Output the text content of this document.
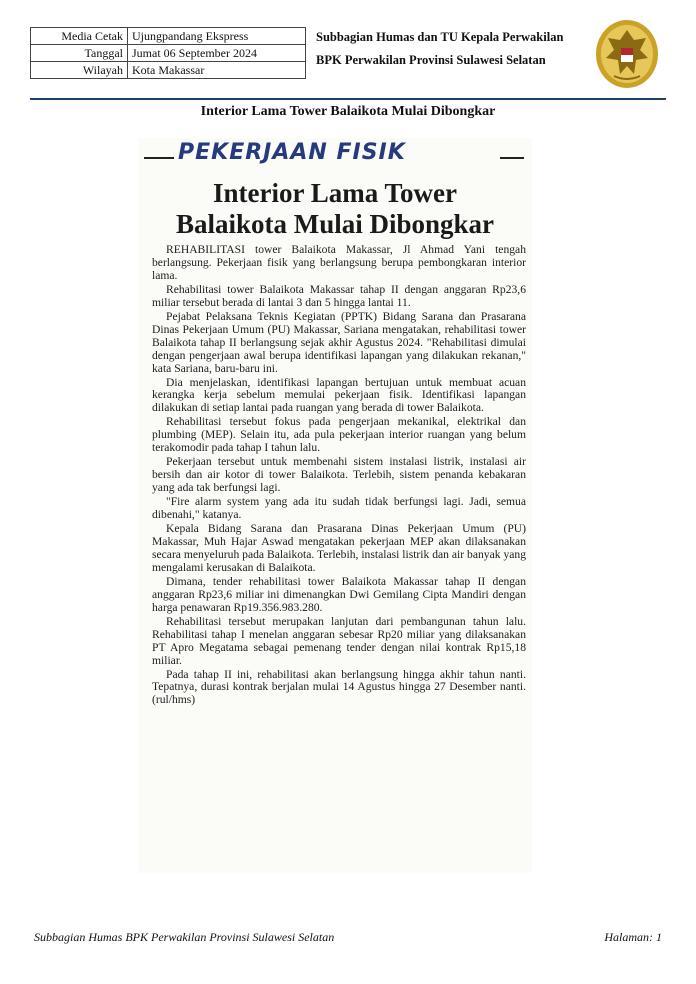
Media Cetak	Ujungpandang Ekspress
Tanggal	Jumat 06 September 2024
Wilayah	Kota Makassar
Subbagian Humas dan TU Kepala Perwakilan
BPK Perwakilan Provinsi Sulawesi Selatan
Interior Lama Tower Balaikota Mulai Dibongkar
PEKERJAAN FISIK
Interior Lama Tower
Balaikota Mulai Dibongkar

REHABILITASI tower Balaikota Makassar, Jl Ahmad Yani tengah berlangsung. Pekerjaan fisik yang berlangsung berupa pembongkaran interior lama.

Rehabilitasi tower Balaikota Makassar tahap II dengan anggaran Rp23,6 miliar tersebut berada di lantai 3 dan 5 hingga lantai 11.

Pejabat Pelaksana Teknis Kegiatan (PPTK) Bidang Sarana dan Prasarana Dinas Pekerjaan Umum (PU) Makassar, Sariana mengatakan, rehabilitasi tower Balaikota tahap II berlangsung sejak akhir Agustus 2024. "Rehabilitasi dimulai dengan pengerjaan awal berupa identifikasi lapangan yang dilakukan rekanan," kata Sariana, baru-baru ini.

Dia menjelaskan, identifikasi lapangan bertujuan untuk membuat acuan kerangka kerja sebelum memulai pekerjaan fisik. Identifikasi lapangan dilakukan di setiap lantai pada ruangan yang berada di tower Balaikota.

Rehabilitasi tersebut fokus pada pengerjaan mekanikal, elektrikal dan plumbing (MEP). Selain itu, ada pula pekerjaan interior ruangan yang belum terakomodir pada tahap I tahun lalu.

Pekerjaan tersebut untuk membenahi sistem instalasi listrik, instalasi air bersih dan air kotor di tower Balaikota. Terlebih, sistem penanda kebakaran yang ada tak berfungsi lagi.

"Fire alarm system yang ada itu sudah tidak berfungsi lagi. Jadi, semua dibenahi," katanya.

Kepala Bidang Sarana dan Prasarana Dinas Pekerjaan Umum (PU) Makassar, Muh Hajar Aswad mengatakan pekerjaan MEP akan dilaksanakan secara menyeluruh pada Balaikota. Terlebih, instalasi listrik dan air banyak yang mengalami kerusakan di Balaikota.

Dimana, tender rehabilitasi tower Balaikota Makassar tahap II dengan anggaran Rp23,6 miliar ini dimenangkan Dwi Gemilang Cipta Mandiri dengan harga penawaran Rp19.356.983.280.

Rehabilitasi tersebut merupakan lanjutan dari pembangunan tahun lalu. Rehabilitasi tahap I menelan anggaran sebesar Rp20 miliar yang dilaksanakan PT Apro Megatama sebagai pemenang tender dengan nilai kontrak Rp15,18 miliar.

Pada tahap II ini, rehabilitasi akan berlangsung hingga akhir tahun nanti. Tepatnya, durasi kontrak berjalan mulai 14 Agustus hingga 27 Desember nanti. (rul/hms)

Subbagian Humas BPK Perwakilan Provinsi Sulawesi Selatan	Halaman: 1
